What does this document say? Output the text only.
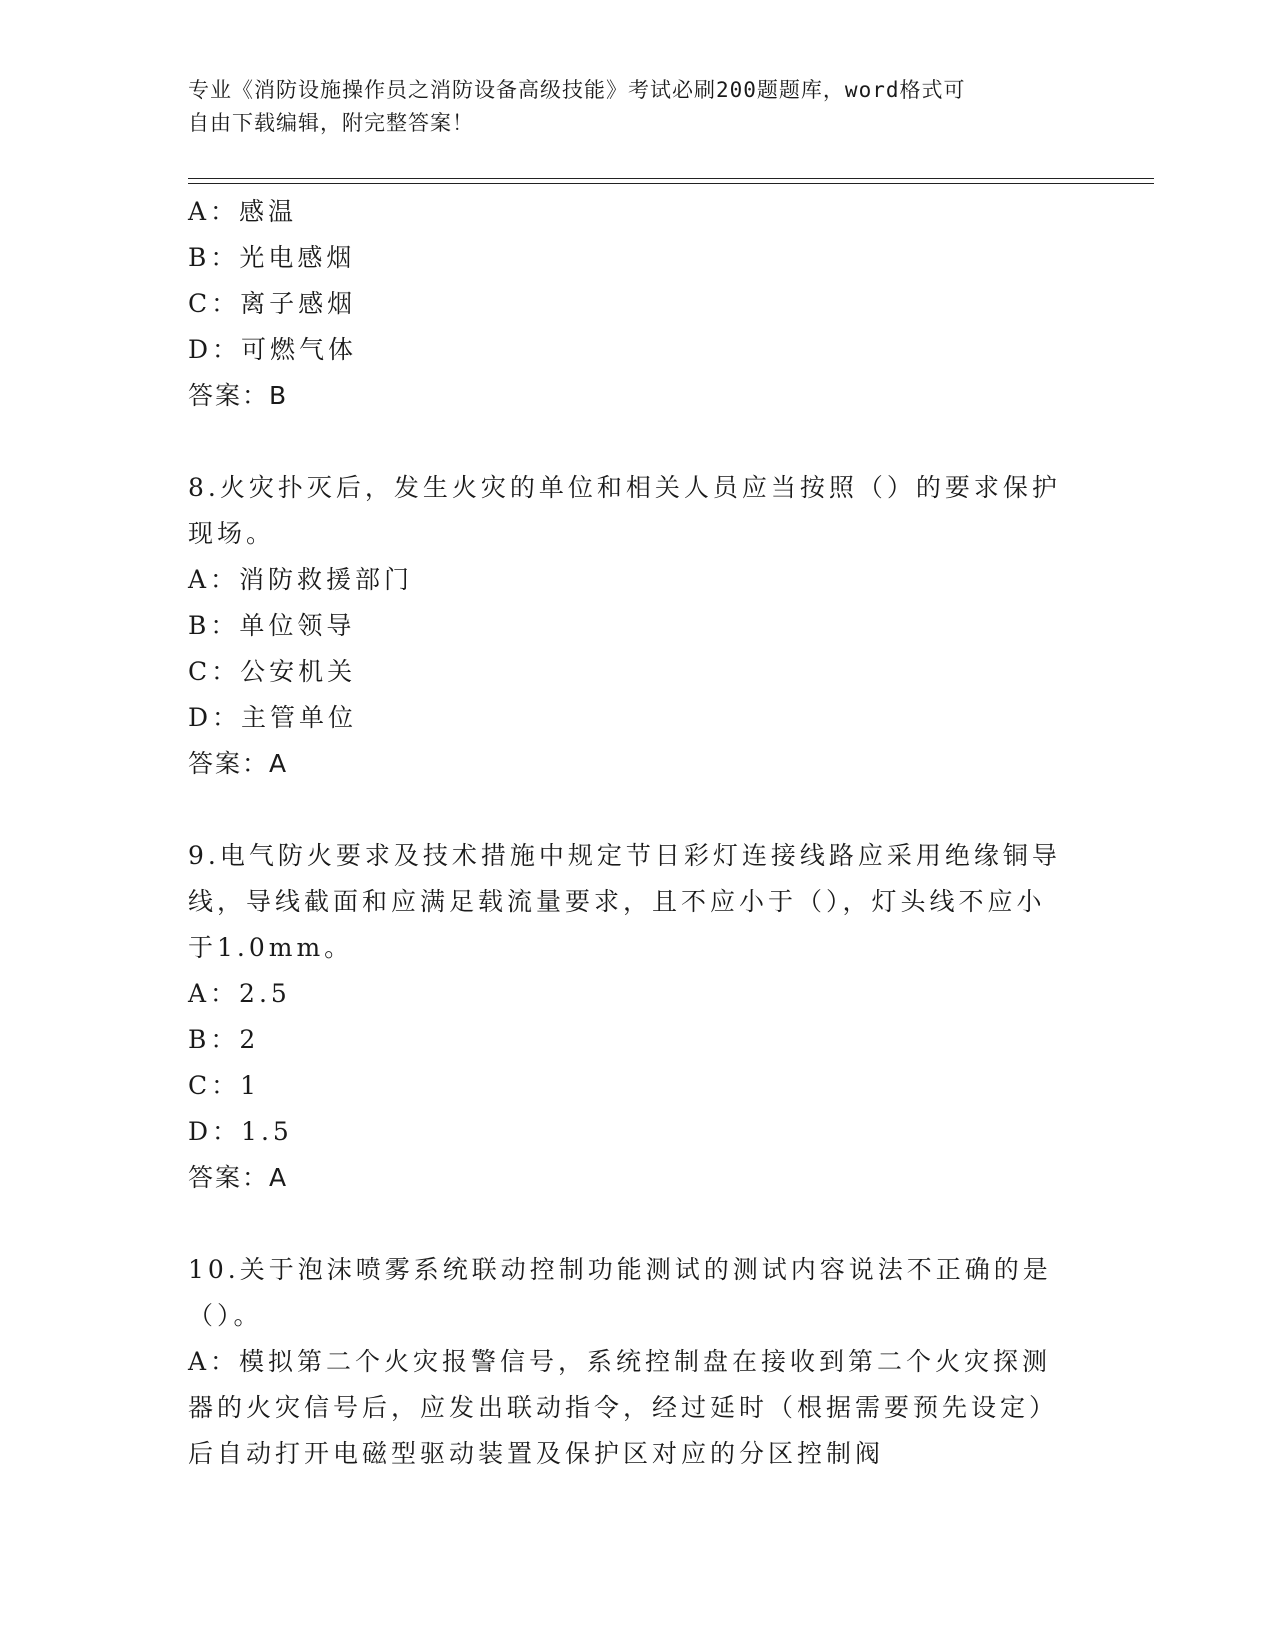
专业《消防设施操作员之消防设备高级技能》考试必刷200题题库，word格式可
自由下载编辑，附完整答案！
A：感温
B：光电感烟
C：离子感烟
D：可燃气体
答案：B
8.火灾扑灭后，发生火灾的单位和相关人员应当按照（）的要求保护现场。
A：消防救援部门
B：单位领导
C：公安机关
D：主管单位
答案：A
9.电气防火要求及技术措施中规定节日彩灯连接线路应采用绝缘铜导线，导线截面和应满足载流量要求，且不应小于（），灯头线不应小于1.0mm。
A：2.5
B：2
C：1
D：1.5
答案：A
10.关于泡沫喷雾系统联动控制功能测试的测试内容说法不正确的是（）。
A：模拟第二个火灾报警信号，系统控制盘在接收到第二个火灾探测器的火灾信号后，应发出联动指令，经过延时（根据需要预先设定）后自动打开电磁型驱动装置及保护区对应的分区控制阀
